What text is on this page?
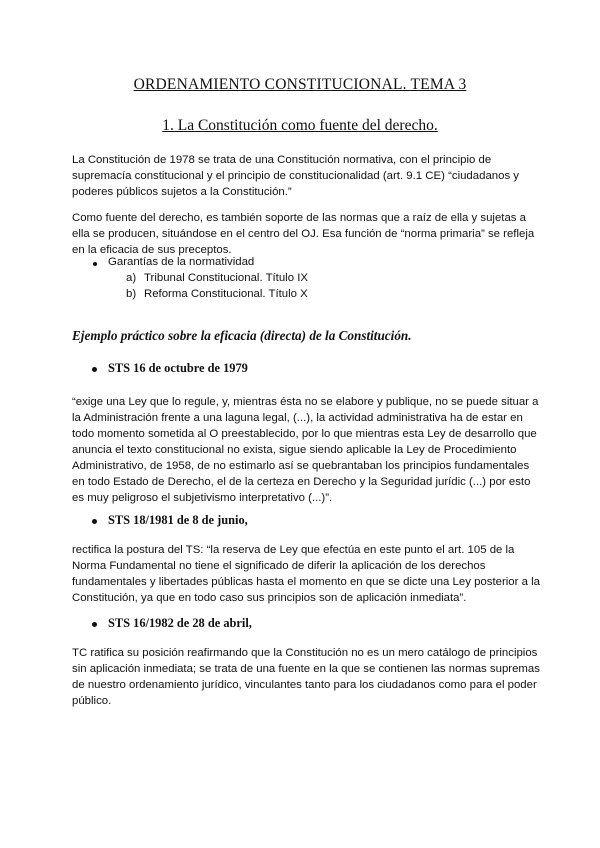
ORDENAMIENTO CONSTITUCIONAL. TEMA 3
1. La Constitución como fuente del derecho.

La Constitución de 1978 se trata de una Constitución normativa, con el principio de supremacía constitucional y el principio de constitucionalidad (art. 9.1 CE) “ciudadanos y poderes públicos sujetos a la Constitución.”

Como fuente del derecho, es también soporte de las normas que a raíz de ella y sujetas a ella se producen, situándose en el centro del OJ. Esa función de “norma primaria” se refleja en la eficacia de sus preceptos.

Garantías de la normatividad
a) Tribunal Constitucional. Título IX
b) Reforma Constitucional. Título X
Ejemplo práctico sobre la eficacia (directa) de la Constitución.
STS 16 de octubre de 1979

“exige una Ley que lo regule, y, mientras ésta no se elabore y publique, no se puede situar a la Administración frente a una laguna legal, (...), la actividad administrativa ha de estar en todo momento sometida al O preestablecido, por lo que mientras esta Ley de desarrollo que anuncia el texto constitucional no exista, sigue siendo aplicable la Ley de Procedimiento Administrativo, de 1958, de no estimarlo así se quebrantaban los principios fundamentales en todo Estado de Derecho, el de la certeza en Derecho y la Seguridad jurídic (...) por esto es muy peligroso el subjetivismo interpretativo (...)”.

STS 18/1981 de 8 de junio,

rectifica la postura del TS: “la reserva de Ley que efectúa en este punto el art. 105 de la Norma Fundamental no tiene el significado de diferir la aplicación de los derechos fundamentales y libertades públicas hasta el momento en que se dicte una Ley posterior a la Constitución, ya que en todo caso sus principios son de aplicación inmediata”.

STS 16/1982 de 28 de abril,

TC ratifica su posición reafirmando que la Constitución no es un mero catálogo de principios sin aplicación inmediata; se trata de una fuente en la que se contienen las normas supremas de nuestro ordenamiento jurídico, vinculantes tanto para los ciudadanos como para el poder público.
